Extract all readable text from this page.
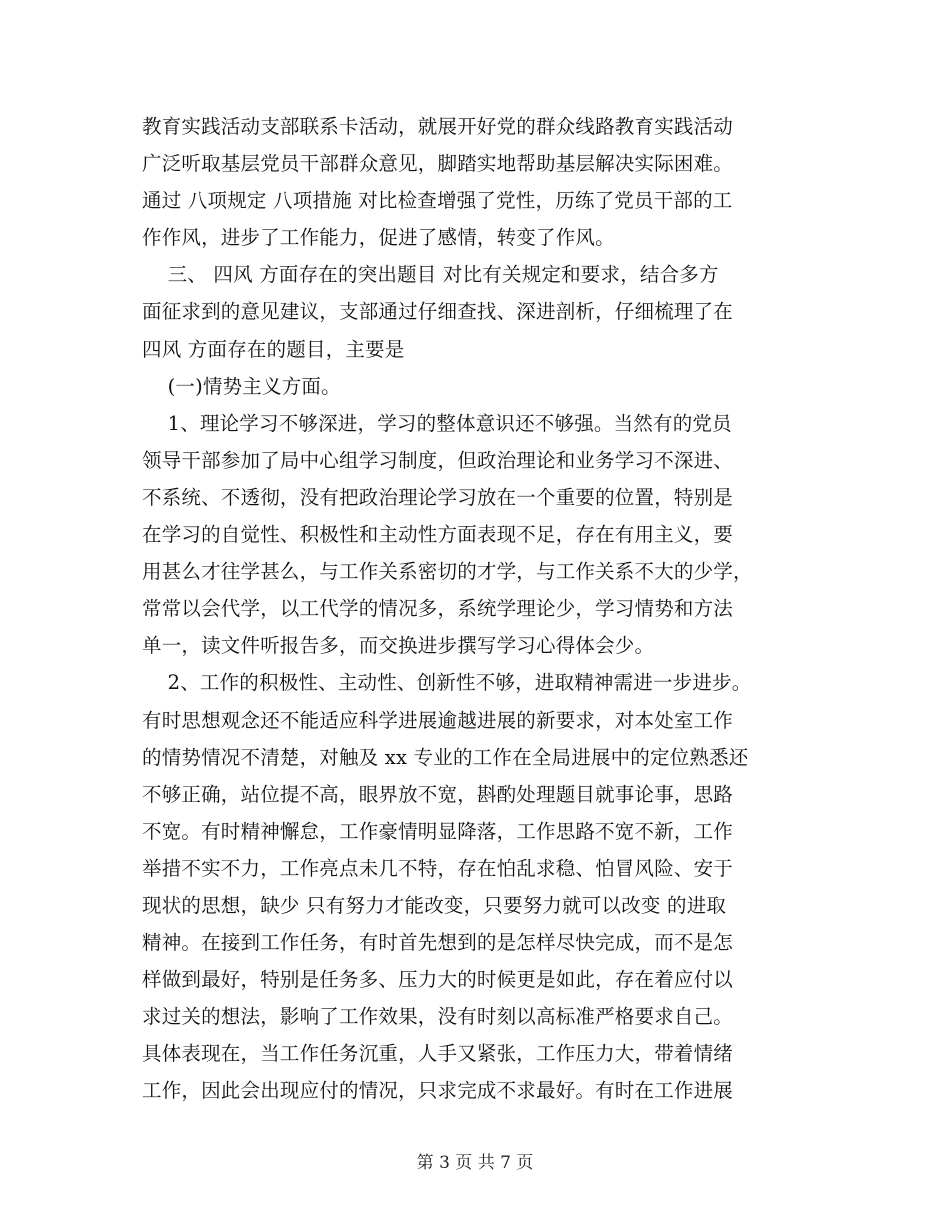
教育实践活动支部联系卡活动，就展开好党的群众线路教育实践活动
广泛听取基层党员干部群众意见，脚踏实地帮助基层解决实际困难。
通过 八项规定 八项措施 对比检查增强了党性，历练了党员干部的工
作作风，进步了工作能力，促进了感情，转变了作风。
三、 四风 方面存在的突出题目 对比有关规定和要求，结合多方
面征求到的意见建议，支部通过仔细查找、深进剖析，仔细梳理了在
四风 方面存在的题目，主要是
(一)情势主义方面。
1、理论学习不够深进，学习的整体意识还不够强。当然有的党员
领导干部参加了局中心组学习制度，但政治理论和业务学习不深进、
不系统、不透彻，没有把政治理论学习放在一个重要的位置，特别是
在学习的自觉性、积极性和主动性方面表现不足，存在有用主义，要
用甚么才往学甚么，与工作关系密切的才学，与工作关系不大的少学，
常常以会代学，以工代学的情况多，系统学理论少，学习情势和方法
单一，读文件听报告多，而交换进步撰写学习心得体会少。
2、工作的积极性、主动性、创新性不够，进取精神需进一步进步。
有时思想观念还不能适应科学进展逾越进展的新要求，对本处室工作
的情势情况不清楚，对触及 xx 专业的工作在全局进展中的定位熟悉还
不够正确，站位提不高，眼界放不宽，斟酌处理题目就事论事，思路
不宽。有时精神懈怠，工作豪情明显降落，工作思路不宽不新，工作
举措不实不力，工作亮点未几不特，存在怕乱求稳、怕冒风险、安于
现状的思想，缺少 只有努力才能改变，只要努力就可以改变 的进取
精神。在接到工作任务，有时首先想到的是怎样尽快完成，而不是怎
样做到最好，特别是任务多、压力大的时候更是如此，存在着应付以
求过关的想法，影响了工作效果，没有时刻以高标准严格要求自己。
具体表现在，当工作任务沉重，人手又紧张，工作压力大，带着情绪
工作，因此会出现应付的情况，只求完成不求最好。有时在工作进展
第 3 页 共 7 页
